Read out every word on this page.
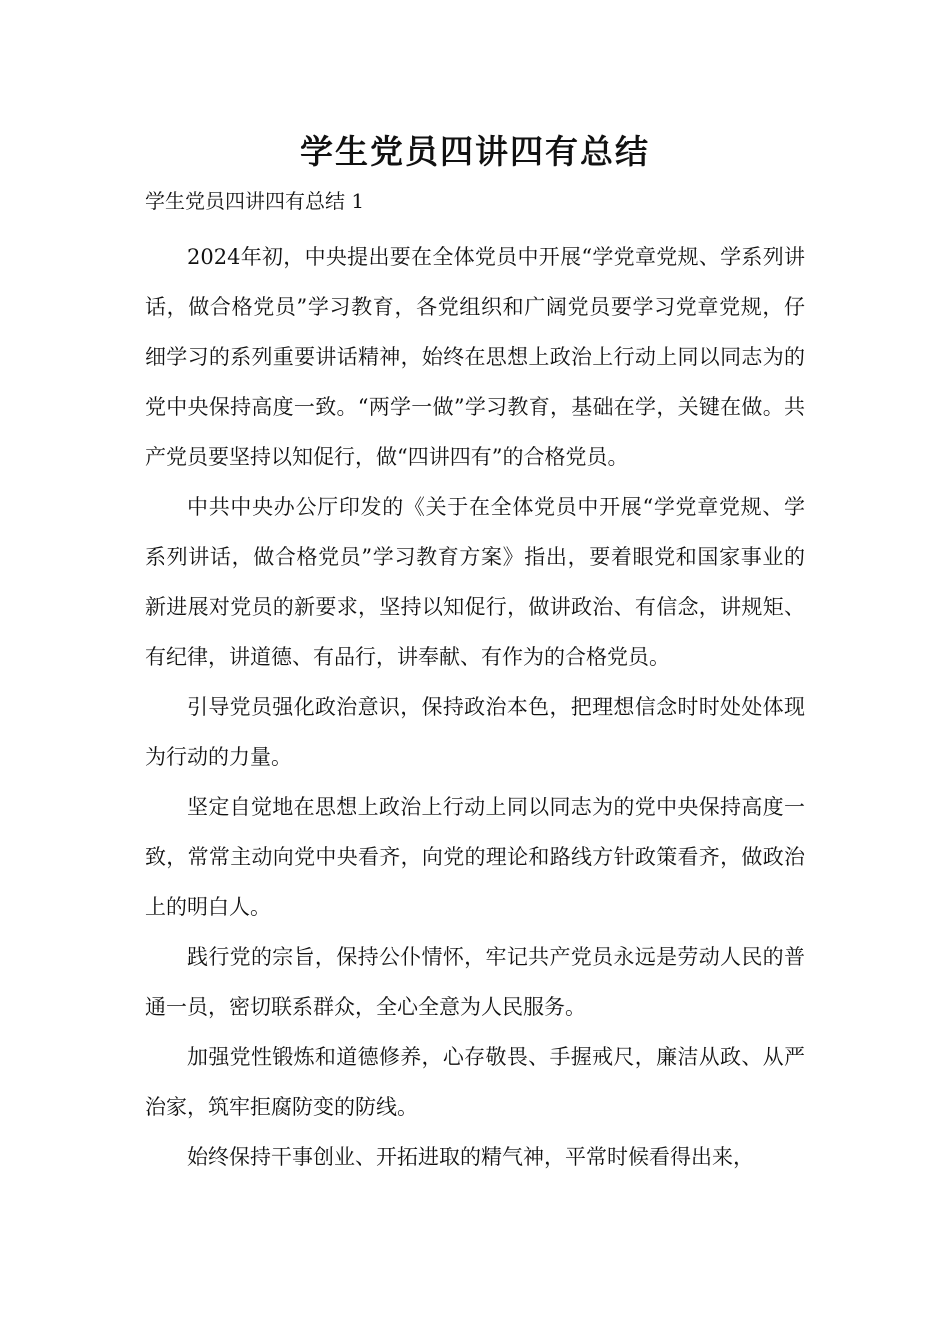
学生党员四讲四有总结

学生党员四讲四有总结 1

2024年初，中央提出要在全体党员中开展“学党章党规、学系列讲话，做合格党员”学习教育，各党组织和广阔党员要学习党章党规，仔细学习的系列重要讲话精神，始终在思想上政治上行动上同以同志为的党中央保持高度一致。“两学一做”学习教育，基础在学，关键在做。共产党员要坚持以知促行，做“四讲四有”的合格党员。

中共中央办公厅印发的《关于在全体党员中开展“学党章党规、学系列讲话，做合格党员”学习教育方案》指出，要着眼党和国家事业的新进展对党员的新要求，坚持以知促行，做讲政治、有信念，讲规矩、有纪律，讲道德、有品行，讲奉献、有作为的合格党员。

引导党员强化政治意识，保持政治本色，把理想信念时时处处体现为行动的力量。

坚定自觉地在思想上政治上行动上同以同志为的党中央保持高度一致，常常主动向党中央看齐，向党的理论和路线方针政策看齐，做政治上的明白人。

践行党的宗旨，保持公仆情怀，牢记共产党员永远是劳动人民的普通一员，密切联系群众，全心全意为人民服务。

加强党性锻炼和道德修养，心存敬畏、手握戒尺，廉洁从政、从严治家，筑牢拒腐防变的防线。

始终保持干事创业、开拓进取的精气神，平常时候看得出来，
